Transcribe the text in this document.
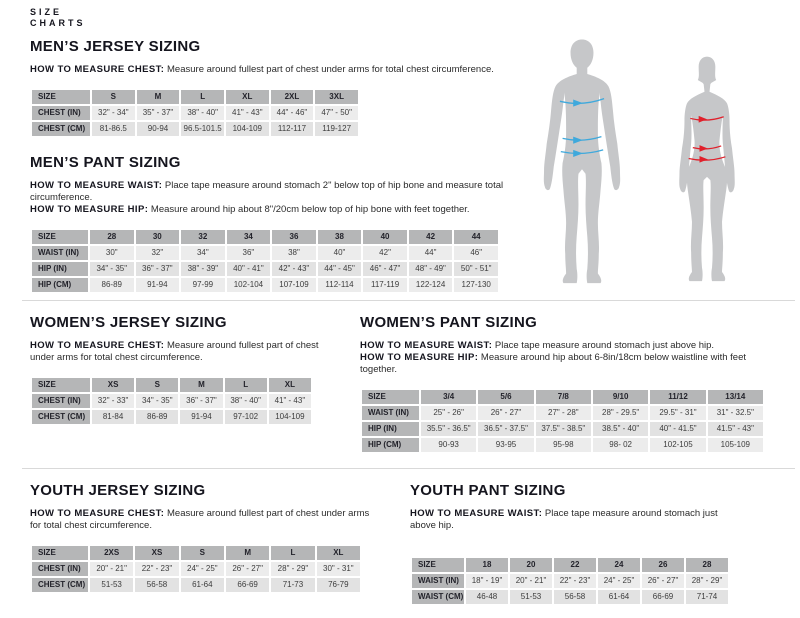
SIZE
CHARTS
MEN’S JERSEY SIZING

HOW TO MEASURE CHEST: Measure around fullest part of chest under arms for total chest circumference.

SIZE	S	M	L	XL	2XL	3XL
CHEST (IN)	32" - 34"	35" - 37"	38" - 40"	41" - 43"	44" - 46"	47" - 50"
CHEST (CM)	81-86.5	90-94	96.5-101.5	104-109	112-117	119-127
MEN’S PANT SIZING

HOW TO MEASURE WAIST: Place tape measure around stomach 2" below top of hip bone and measure total circumference.

HOW TO MEASURE HIP: Measure around hip about 8"/20cm below top of hip bone with feet together.

SIZE	28	30	32	34	36	38	40	42	44
WAIST (IN)	30"	32"	34"	36"	38"	40"	42"	44"	46"
HIP (IN)	34" - 35"	36" - 37"	38" - 39"	40" - 41"	42" - 43"	44" - 45"	46" - 47"	48" - 49"	50" - 51"
HIP (CM)	86-89	91-94	97-99	102-104	107-109	112-114	117-119	122-124	127-130
WOMEN’S JERSEY SIZING

HOW TO MEASURE CHEST: Measure around fullest part of chest under arms for total chest circumference.

SIZE	XS	S	M	L	XL
CHEST (IN)	32" - 33"	34" - 35"	36" - 37"	38" - 40"	41" - 43"
CHEST (CM)	81-84	86-89	91-94	97-102	104-109
WOMEN’S PANT SIZING

HOW TO MEASURE WAIST: Place tape measure around stomach just above hip.

HOW TO MEASURE HIP: Measure around hip about 6-8in/18cm below waistline with feet together.

SIZE	3/4	5/6	7/8	9/10	11/12	13/14
WAIST (IN)	25" - 26"	26" - 27"	27" - 28"	28" - 29.5"	29.5" - 31"	31" - 32.5"
HIP (IN)	35.5" - 36.5"	36.5" - 37.5"	37.5" - 38.5"	38.5" - 40"	40" - 41.5"	41.5" - 43"
HIP (CM)	90-93	93-95	95-98	98- 02	102-105	105-109
YOUTH JERSEY SIZING

HOW TO MEASURE CHEST: Measure around fullest part of chest under arms for total chest circumference.

SIZE	2XS	XS	S	M	L	XL
CHEST (IN)	20" - 21"	22" - 23"	24" - 25"	26" - 27"	28" - 29"	30" - 31"
CHEST (CM)	51-53	56-58	61-64	66-69	71-73	76-79
YOUTH PANT SIZING

HOW TO MEASURE WAIST: Place tape measure around stomach just above hip.

SIZE	18	20	22	24	26	28
WAIST (IN)	18" - 19"	20" - 21"	22" - 23"	24" - 25"	26" - 27"	28" - 29"
WAIST (CM)	46-48	51-53	56-58	61-64	66-69	71-74
